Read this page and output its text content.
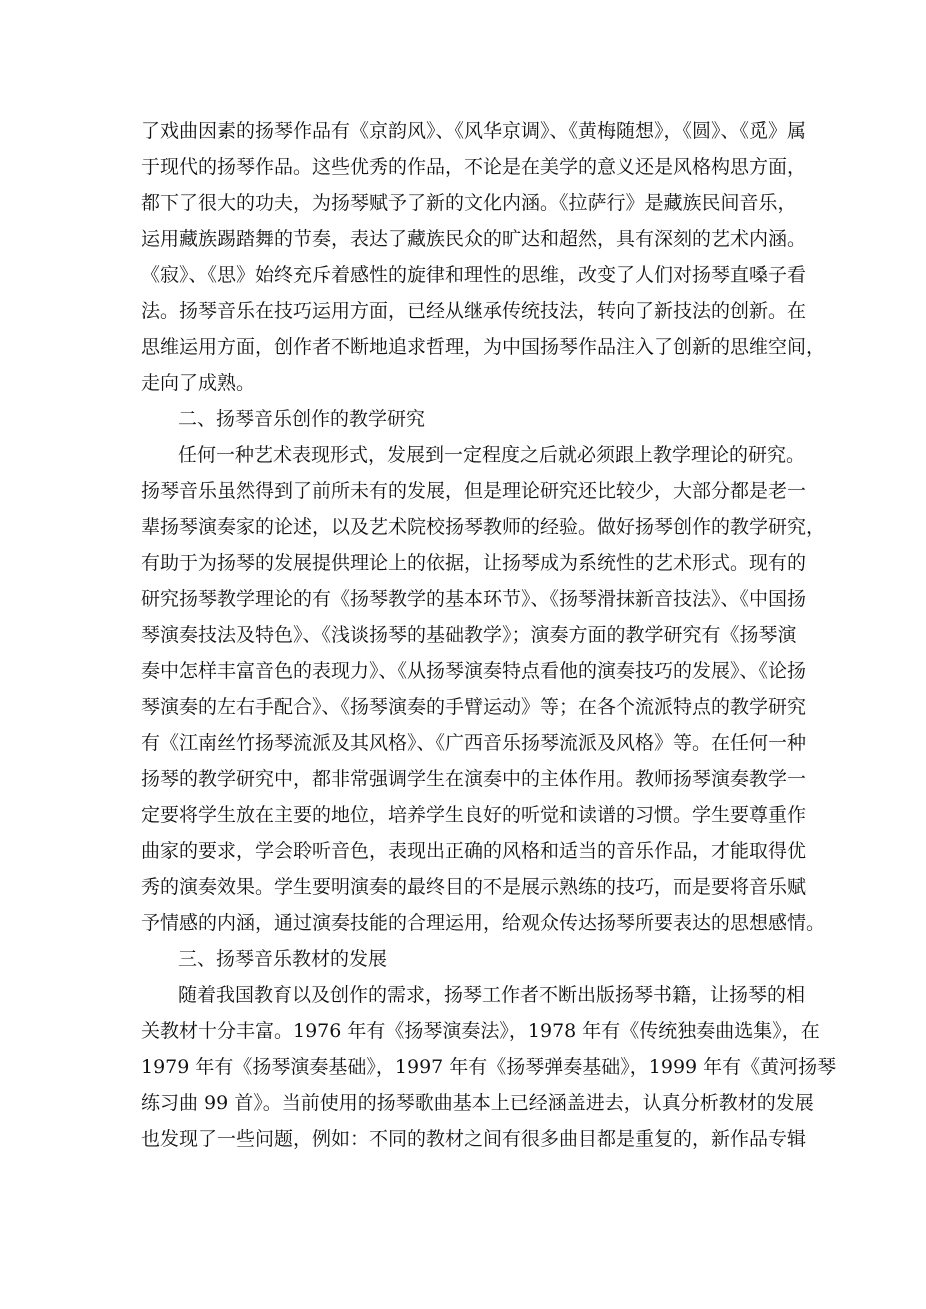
了戏曲因素的扬琴作品有《京韵风》、《风华京调》、《黄梅随想》，《圆》、《觅》属
于现代的扬琴作品。这些优秀的作品，不论是在美学的意义还是风格构思方面，
都下了很大的功夫，为扬琴赋予了新的文化内涵。《拉萨行》是藏族民间音乐，
运用藏族踢踏舞的节奏，表达了藏族民众的旷达和超然，具有深刻的艺术内涵。
《寂》、《思》始终充斥着感性的旋律和理性的思维，改变了人们对扬琴直嗓子看
法。扬琴音乐在技巧运用方面，已经从继承传统技法，转向了新技法的创新。在
思维运用方面，创作者不断地追求哲理，为中国扬琴作品注入了创新的思维空间，
走向了成熟。
二、扬琴音乐创作的教学研究
任何一种艺术表现形式，发展到一定程度之后就必须跟上教学理论的研究。
扬琴音乐虽然得到了前所未有的发展，但是理论研究还比较少，大部分都是老一
辈扬琴演奏家的论述，以及艺术院校扬琴教师的经验。做好扬琴创作的教学研究，
有助于为扬琴的发展提供理论上的依据，让扬琴成为系统性的艺术形式。现有的
研究扬琴教学理论的有《扬琴教学的基本环节》、《扬琴滑抹新音技法》、《中国扬
琴演奏技法及特色》、《浅谈扬琴的基础教学》；演奏方面的教学研究有《扬琴演
奏中怎样丰富音色的表现力》、《从扬琴演奏特点看他的演奏技巧的发展》、《论扬
琴演奏的左右手配合》、《扬琴演奏的手臂运动》等；在各个流派特点的教学研究
有《江南丝竹扬琴流派及其风格》、《广西音乐扬琴流派及风格》等。在任何一种
扬琴的教学研究中，都非常强调学生在演奏中的主体作用。教师扬琴演奏教学一
定要将学生放在主要的地位，培养学生良好的听觉和读谱的习惯。学生要尊重作
曲家的要求，学会聆听音色，表现出正确的风格和适当的音乐作品，才能取得优
秀的演奏效果。学生要明演奏的最终目的不是展示熟练的技巧，而是要将音乐赋
予情感的内涵，通过演奏技能的合理运用，给观众传达扬琴所要表达的思想感情。
三、扬琴音乐教材的发展
随着我国教育以及创作的需求，扬琴工作者不断出版扬琴书籍，让扬琴的相
关教材十分丰富。1976 年有《扬琴演奏法》，1978 年有《传统独奏曲选集》，在
1979 年有《扬琴演奏基础》，1997 年有《扬琴弹奏基础》，1999 年有《黄河扬琴
练习曲 99 首》。当前使用的扬琴歌曲基本上已经涵盖进去，认真分析教材的发展
也发现了一些问题，例如：不同的教材之间有很多曲目都是重复的，新作品专辑
